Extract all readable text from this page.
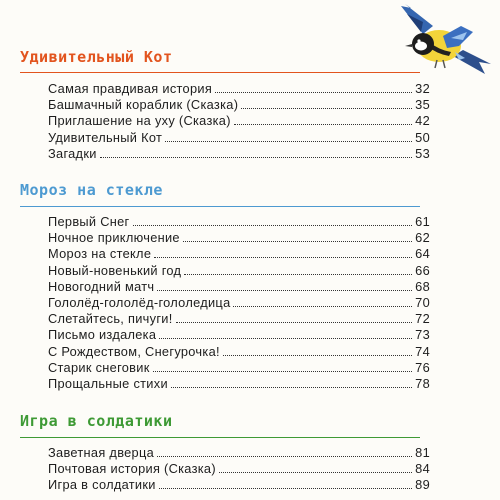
Удивительный Кот
Самая правдивая история	32
Башмачный кораблик (Сказка)	35
Приглашение на уху (Сказка)	42
Удивительный Кот	50
Загадки	53
Мороз на стекле
Первый Снег	61
Ночное приключение	62
Мороз на стекле	64
Новый-новенький год	66
Новогодний матч	68
Гололёд-гололёд-гололедица	70
Слетайтесь, пичуги!	72
Письмо издалека	73
С Рождеством, Снегурочка!	74
Старик снеговик	76
Прощальные стихи	78
Игра в солдатики
Заветная дверца	81
Почтовая история (Сказка)	84
Игра в солдатики	89
